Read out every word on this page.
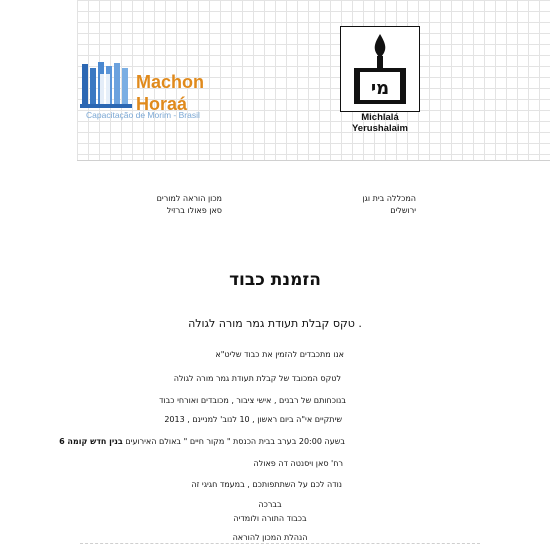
Machon
Horaá
Capacitação de Morim - Brasil
מי
Michlalá
Yerushalaim
מכון הוראה למורים
סאן פאולו ברזיל
המכללה בית וגן
ירושלים
הזמנת כבוד
. טקס קבלת תעודת גמר מורה לגולה
אנו מתכבדים להזמין את כבוד שליט"א
לטקס המכובד של קבלת תעודת גמר מורה לגולה
בנוכחותם של רבנים , אישי ציבור , מכובדים ואורחי כבוד
שיתקיים אי"ה ביום ראשון , 10 לנוב' למניינם , 2013
בשעה 20:00 בערב בבית הכנסת " מקור חיים " באולם האירועים בנין חדש קומה 6
רח' סאן ויסנטה דה פאולה
נודה לכם על השתתפותכם , במעמד חגיגי זה
בברכה
בכבוד התורה ולומדיה
הנהלת המכון להוראה
